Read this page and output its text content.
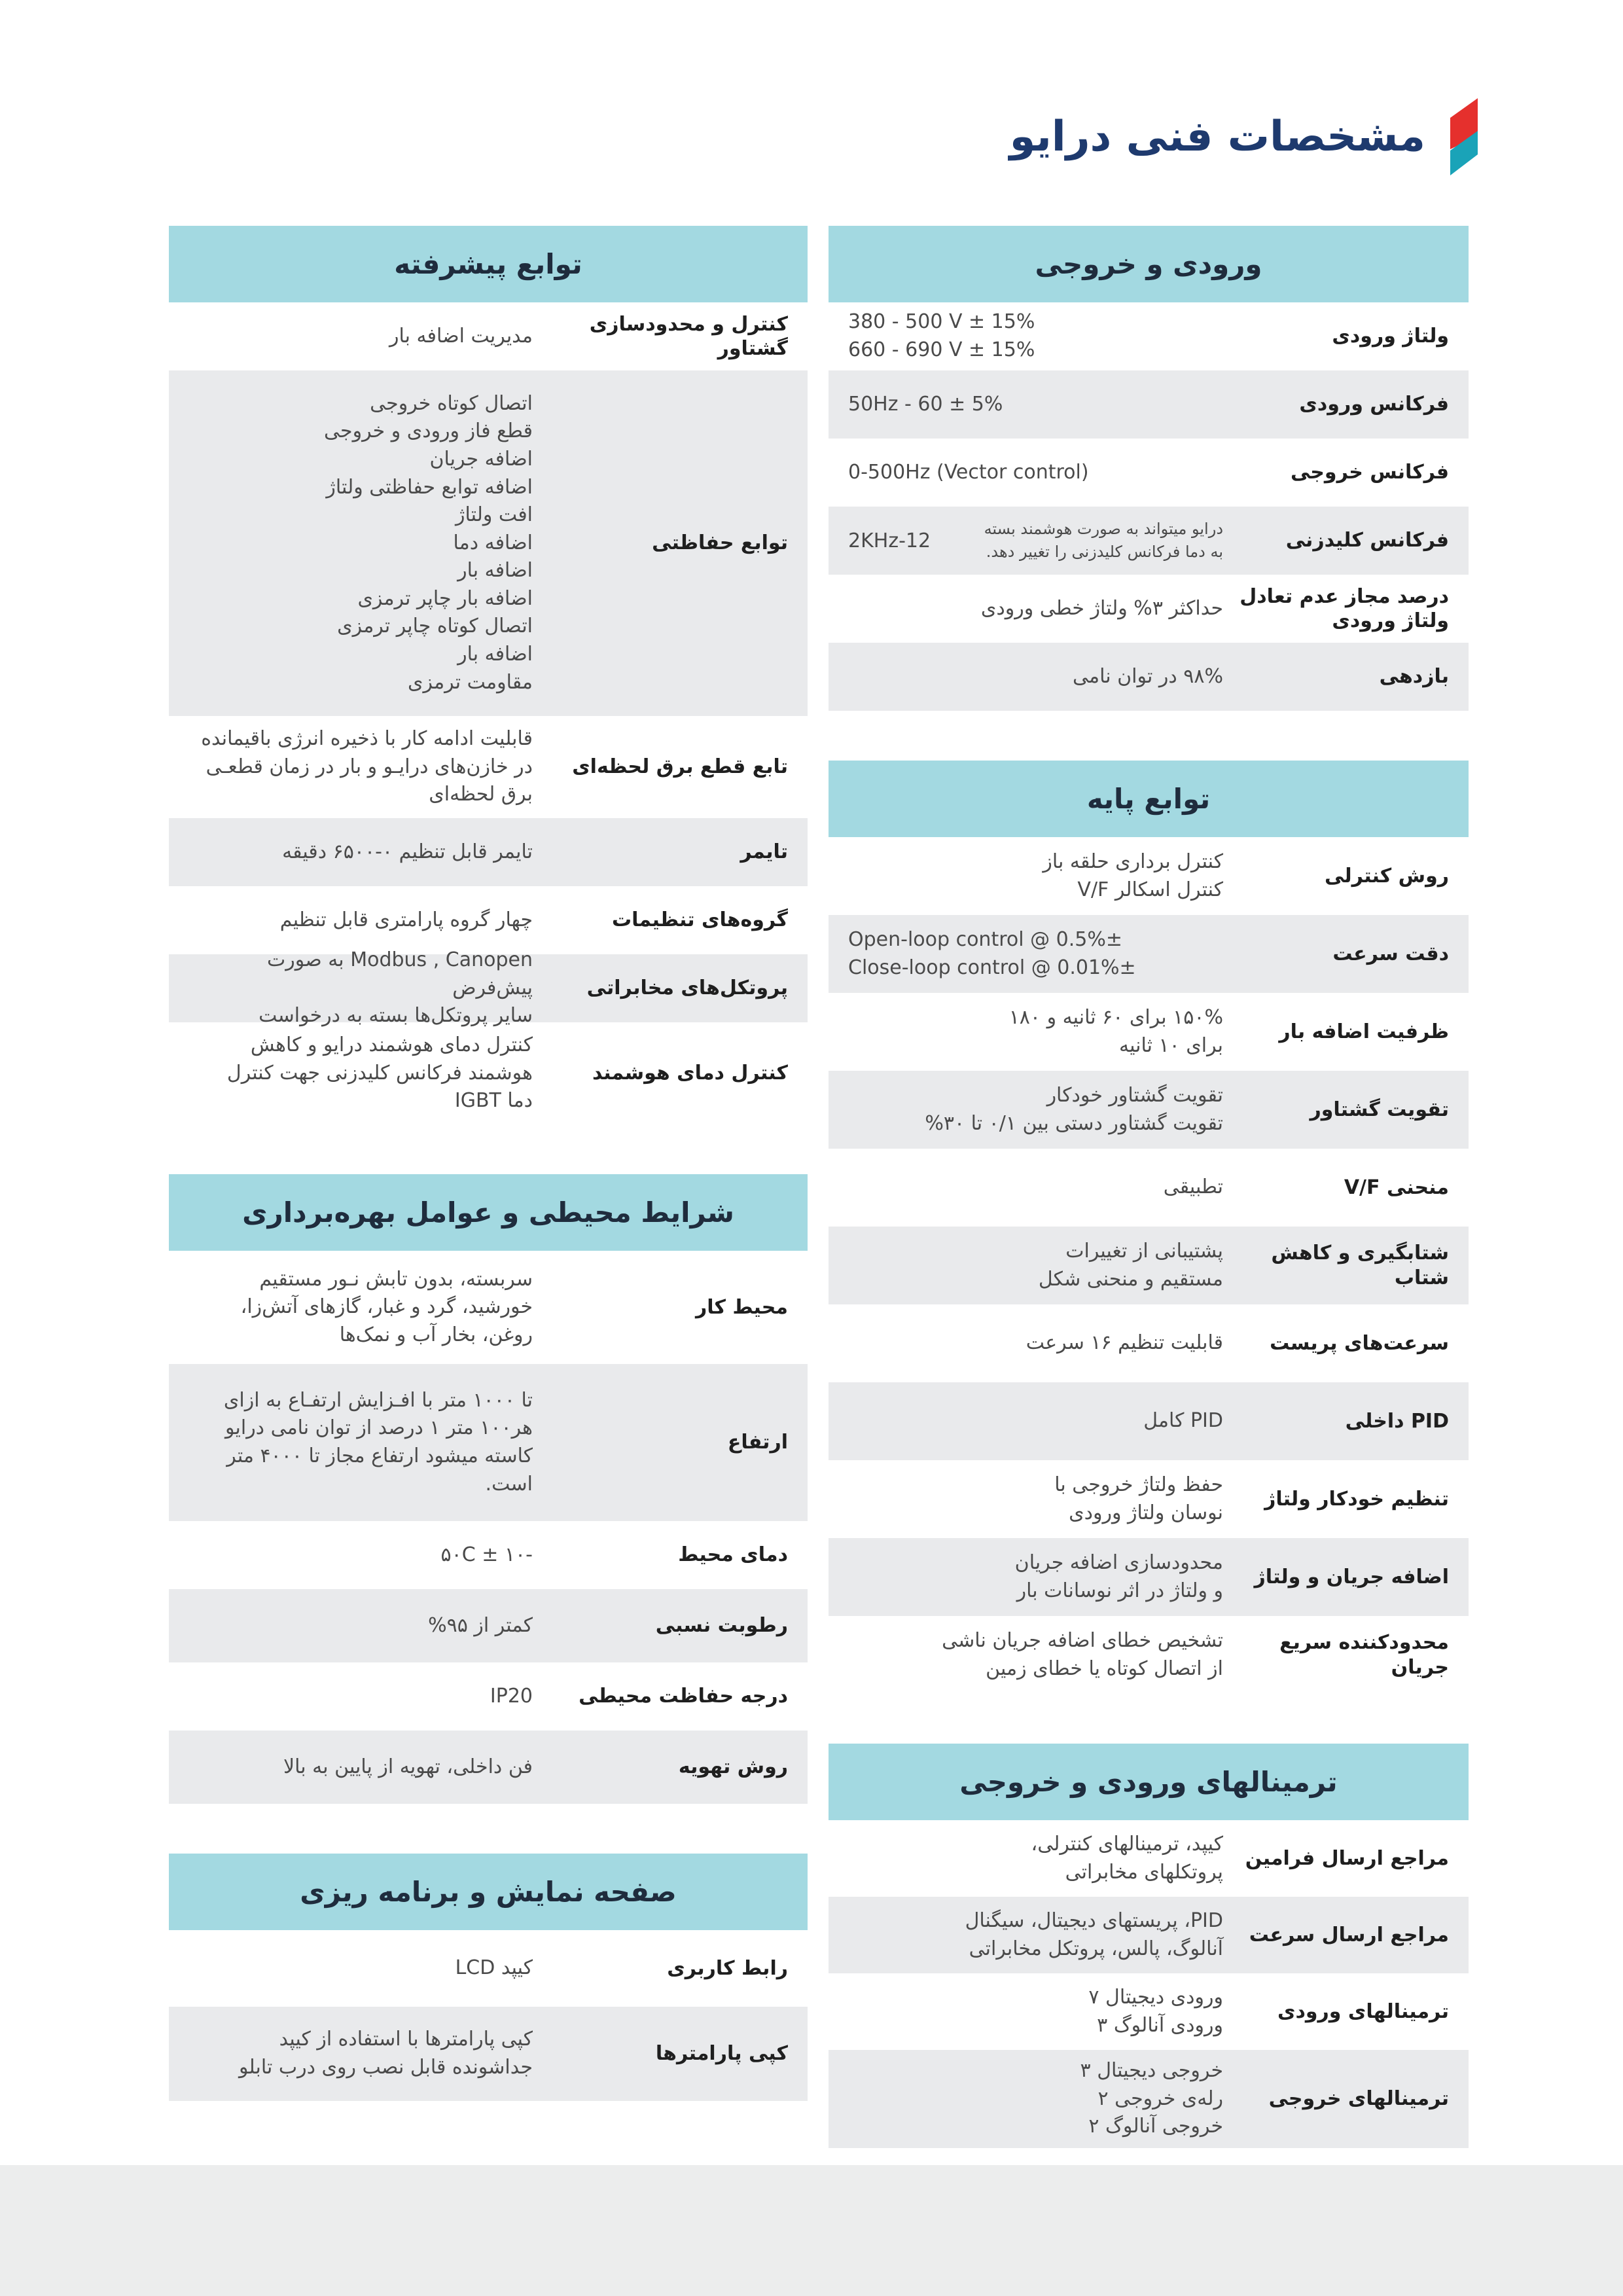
مشخصات فنی درایو
ورودی و خروجی
ولتاژ ورودی
380 - 500 V ± 15%
660 - 690 V ± 15%
فرکانس ورودی
50Hz - 60 ± 5%
فرکانس خروجی
0-500Hz (Vector control)
فرکانس کلیدزنی
درایو میتواند به صورت هوشمند بسته
به دما فرکانس کلیدزنی را تغییر دهد.
2KHz-12
درصد مجاز عدم تعادل ولتاژ ورودی
حداکثر ۳% ولتاژ خطی ورودی
بازدهی
۹۸% در توان نامی
توابع پایه
روش کنترلی
کنترل برداری حلقه باز
کنترل اسکالر V/F
دقت سرعت
Open-loop control @ 0.5%±
Close-loop control @ 0.01%±
ظرفیت اضافه بار
۱۵۰% برای ۶۰ ثانیه و ۱۸۰
برای ۱۰ ثانیه
تقویت گشتاور
تقویت گشتاور خودکار
تقویت گشتاور دستی بین ۰/۱ تا ۳۰%
منحنی V/F
تطبیقی
شتابگیری و کاهش شتاب
پشتیبانی از تغییرات
مستقیم و منحنی شکل
سرعت‌های پریست
قابلیت تنظیم ۱۶ سرعت
PID داخلی
PID کامل
تنظیم خودکار ولتاژ
حفظ ولتاژ خروجی با
نوسان ولتاژ ورودی
اضافه جریان و ولتاژ
محدودسازی اضافه جریان
و ولتاژ در اثر نوسانات بار
محدودکننده سریع جریان
تشخیص خطای اضافه جریان ناشی
از اتصال کوتاه یا خطای زمین
ترمینالهای ورودی و خروجی
مراجع ارسال فرامین
کیپد، ترمینالهای کنترلی،
پروتکلهای مخابراتی
مراجع ارسال سرعت
PID، پریستهای دیجیتال، سیگنال
آنالوگ، پالس، پروتکل مخابراتی
ترمینالهای ورودی
ورودی دیجیتال ۷
ورودی آنالوگ ۳
ترمینالهای خروجی
خروجی دیجیتال ۳
رله‌ی خروجی ۲
خروجی آنالوگ ۲
توابع پیشرفته
کنترل و محدودسازی گشتاور
مدیریت اضافه بار
توابع حفاظتی
اتصال کوتاه خروجی
قطع فاز ورودی و خروجی
اضافه جریان
اضافه توابع حفاظتی ولتاژ
افت ولتاژ
اضافه دما
اضافه بار
اضافه بار چاپر ترمزی
اتصال کوتاه چاپر ترمزی
اضافه بار
مقاومت ترمزی
تابع قطع برق لحظه‌ای
قابلیت ادامه کار با ذخیره انرژی باقیمانده
در خازن‌های درایـو و بار در زمان قطعـی
برق لحظه‌ای
تایمر
تایمر قابل تنظیم ۰-۶۵۰۰ دقیقه
گروه‌های تنظیمات
چهار گروه پارامتری قابل تنظیم
پروتکل‌های مخابراتی
Modbus , Canopen به صورت پیش‌فرض
سایر پروتکل‌ها بسته به درخواست
کنترل دمای هوشمند
کنترل دمای هوشمند درایو و کاهش
هوشمند فرکانس کلیدزنی جهت کنترل
دما IGBT
شرایط محیطی و عوامل بهره‌برداری
محیط کار
سربسته، بدون تابش نـور مستقیم
خورشید، گرد و غبار، گازهای آتش‌زا،
روغن، بخار آب و نمک‌ها
ارتفاع
تا ۱۰۰۰ متر با افـزایش ارتفـاع به ازای
هر۱۰۰ متر ۱ درصد از توان نامی درایو
کاسته میشود ارتفاع مجاز تا ۴۰۰۰ متر
است.
دمای محیط
-۱۰ ± ۵۰C
رطوبت نسبی
کمتر از ۹۵%
درجه حفاظت محیطی
IP20
روش تهویه
فن داخلی، تهویه از پایین به بالا
صفحه نمایش و برنامه ریزی
رابط کاربری
کیپد LCD
کپی پارامترها
کپی پارامترها با استفاده از کیپد
جداشونده قابل نصب روی درب تابلو
